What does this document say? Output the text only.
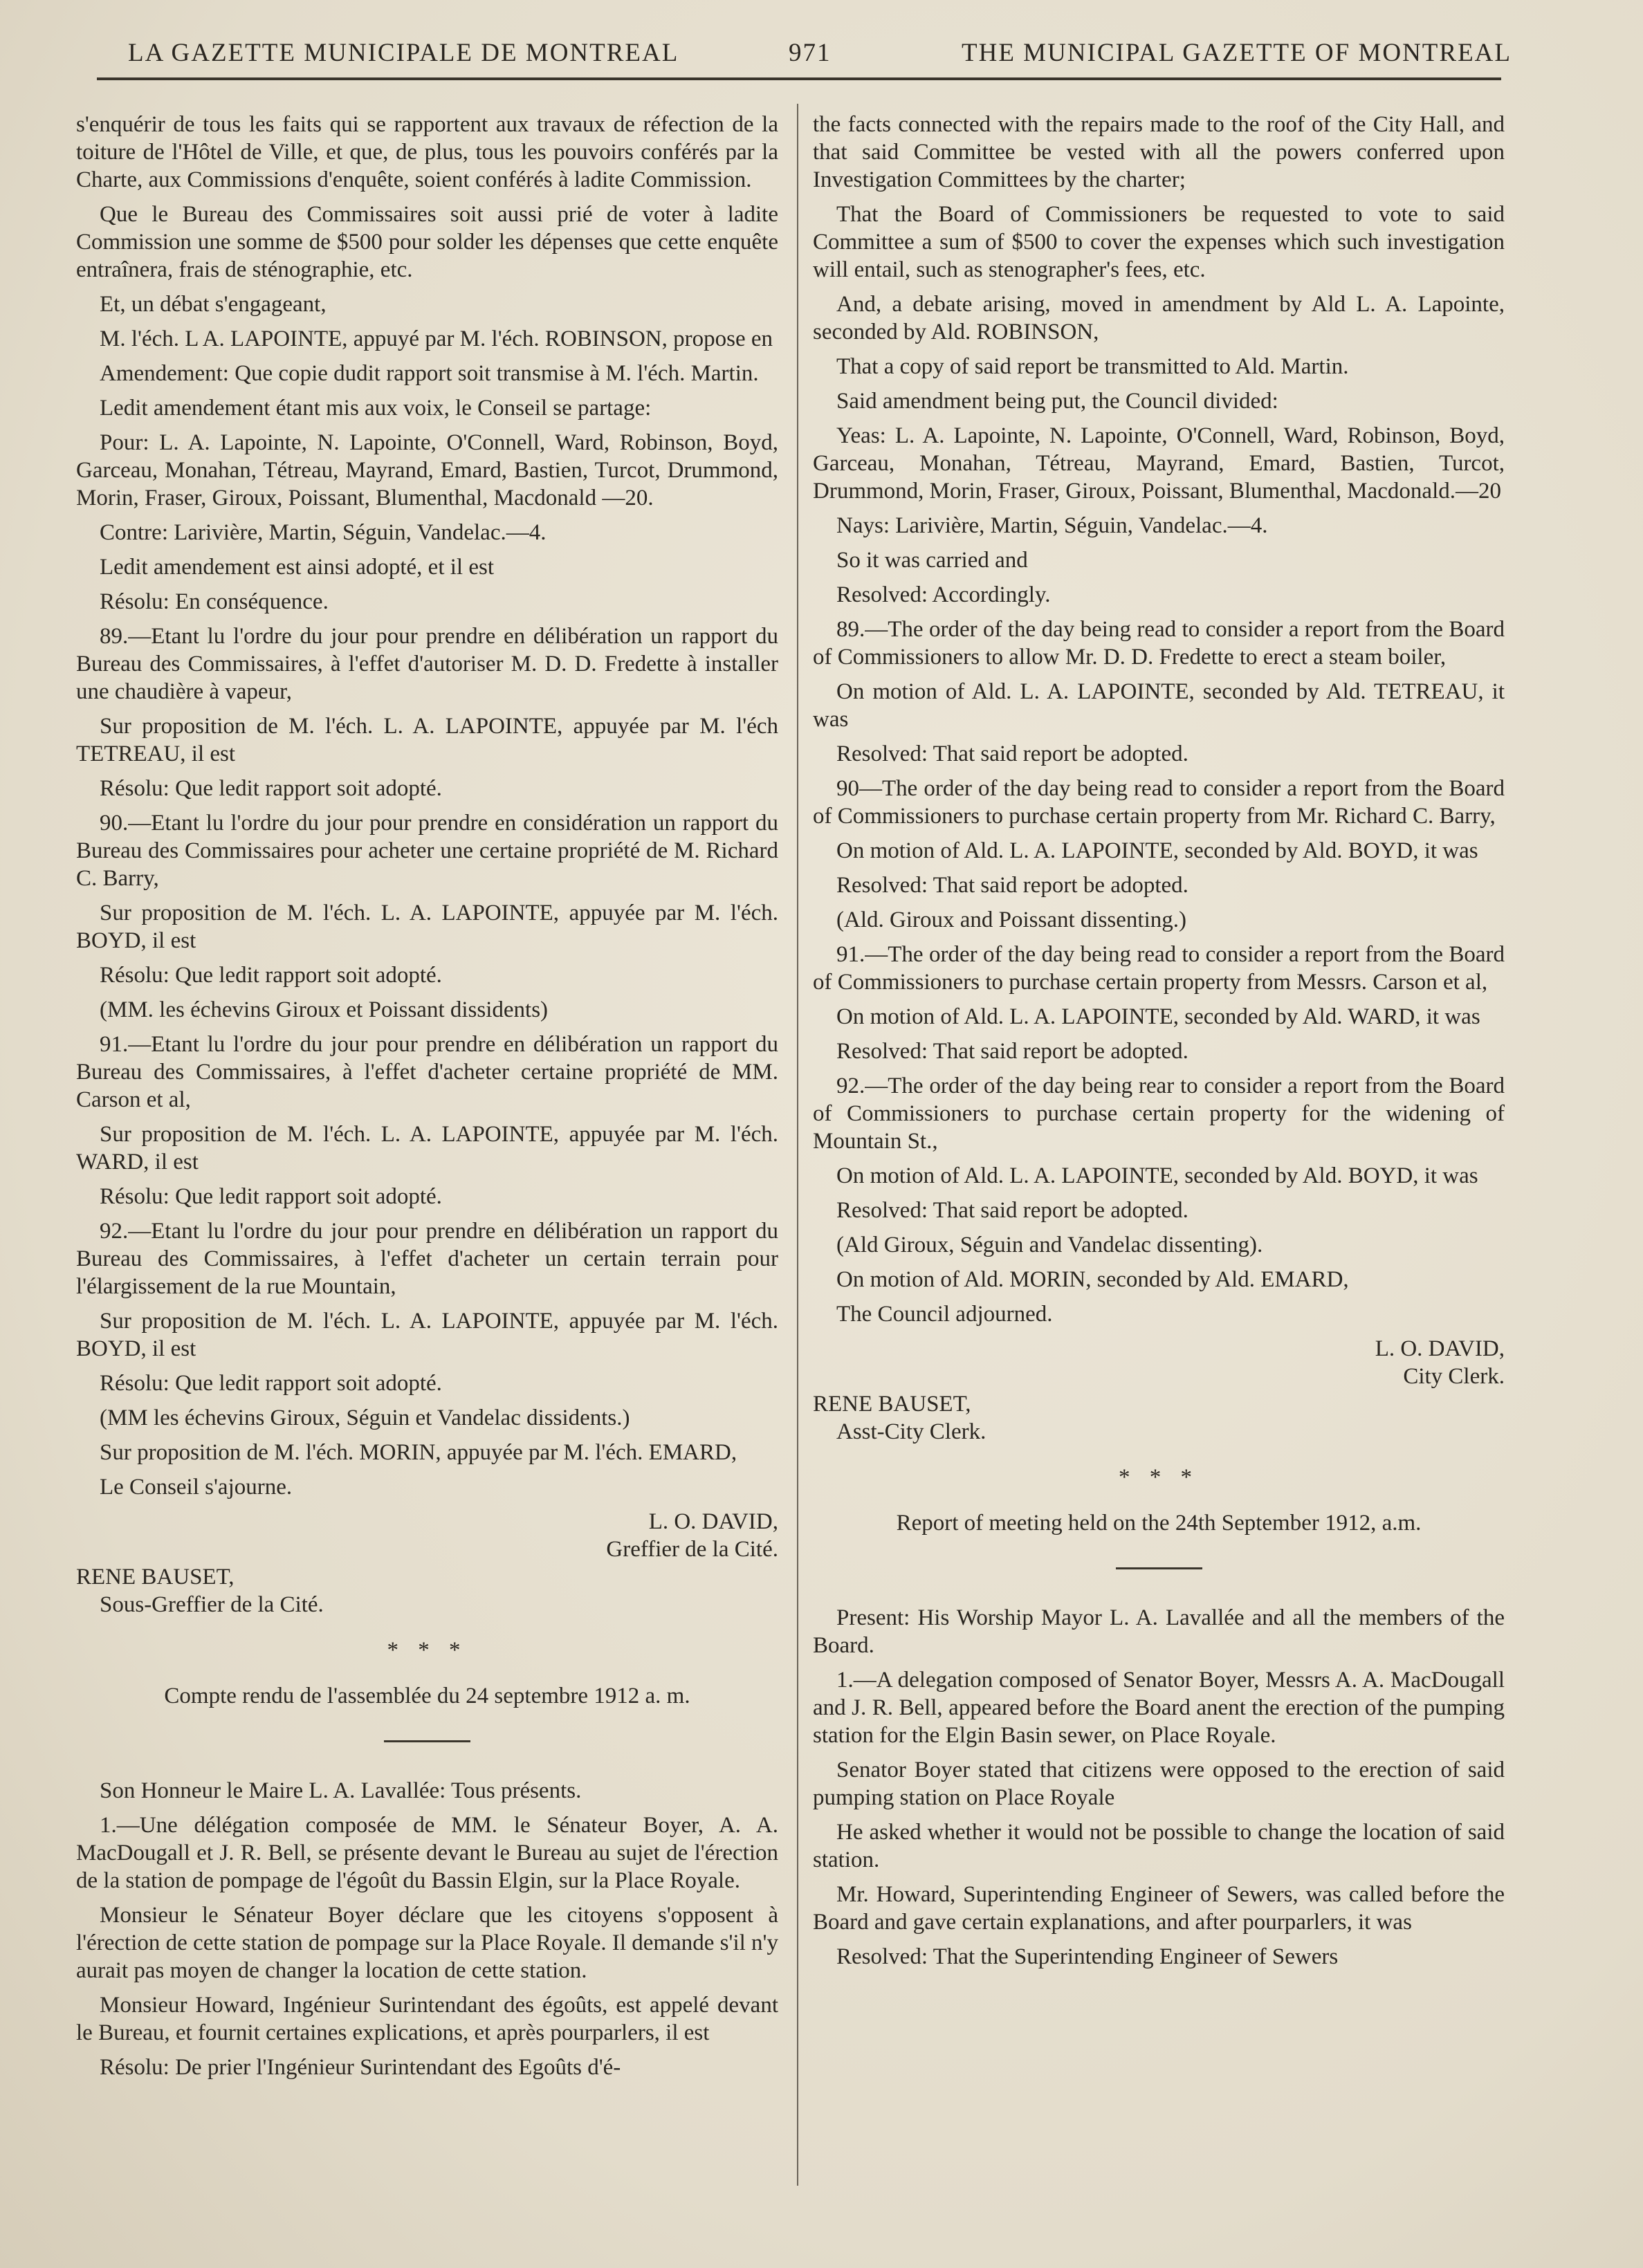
LA GAZETTE MUNICIPALE DE MONTREAL	971	THE MUNICIPAL GAZETTE OF MONTREAL

s'enquérir de tous les faits qui se rapportent aux travaux de réfection de la toiture de l'Hôtel de Ville, et que, de plus, tous les pouvoirs conférés par la Charte, aux Commissions d'enquête, soient conférés à ladite Commission.

Que le Bureau des Commissaires soit aussi prié de voter à ladite Commission une somme de $500 pour solder les dépenses que cette enquête entraînera, frais de sténographie, etc.

Et, un débat s'engageant,

M. l'éch. L A. LAPOINTE, appuyé par M. l'éch. ROBINSON, propose en

Amendement: Que copie dudit rapport soit transmise à M. l'éch. Martin.

Ledit amendement étant mis aux voix, le Conseil se partage:

Pour: L. A. Lapointe, N. Lapointe, O'Connell, Ward, Robinson, Boyd, Garceau, Monahan, Tétreau, Mayrand, Emard, Bastien, Turcot, Drummond, Morin, Fraser, Giroux, Poissant, Blumenthal, Macdonald —20.

Contre: Larivière, Martin, Séguin, Vandelac.—4.

Ledit amendement est ainsi adopté, et il est

Résolu: En conséquence.

89.—Etant lu l'ordre du jour pour prendre en délibération un rapport du Bureau des Commissaires, à l'effet d'autoriser M. D. D. Fredette à installer une chaudière à vapeur,

Sur proposition de M. l'éch. L. A. LAPOINTE, appuyée par M. l'éch TETREAU, il est

Résolu: Que ledit rapport soit adopté.

90.—Etant lu l'ordre du jour pour prendre en considération un rapport du Bureau des Commissaires pour acheter une certaine propriété de M. Richard C. Barry,

Sur proposition de M. l'éch. L. A. LAPOINTE, appuyée par M. l'éch. BOYD, il est

Résolu: Que ledit rapport soit adopté.

(MM. les échevins Giroux et Poissant dissidents)

91.—Etant lu l'ordre du jour pour prendre en délibération un rapport du Bureau des Commissaires, à l'effet d'acheter certaine propriété de MM. Carson et al,

Sur proposition de M. l'éch. L. A. LAPOINTE, appuyée par M. l'éch. WARD, il est

Résolu: Que ledit rapport soit adopté.

92.—Etant lu l'ordre du jour pour prendre en délibération un rapport du Bureau des Commissaires, à l'effet d'acheter un certain terrain pour l'élargissement de la rue Mountain,

Sur proposition de M. l'éch. L. A. LAPOINTE, appuyée par M. l'éch. BOYD, il est

Résolu: Que ledit rapport soit adopté.

(MM les échevins Giroux, Séguin et Vandelac dissidents.)

Sur proposition de M. l'éch. MORIN, appuyée par M. l'éch. EMARD,

Le Conseil s'ajourne.

L. O. DAVID,

Greffier de la Cité.

RENE BAUSET,

Sous-Greffier de la Cité.

* * *

Compte rendu de l'assemblée du 24 septembre 1912 a. m.

Son Honneur le Maire L. A. Lavallée: Tous présents.

1.—Une délégation composée de MM. le Sénateur Boyer, A. A. MacDougall et J. R. Bell, se présente devant le Bureau au sujet de l'érection de la station de pompage de l'égoût du Bassin Elgin, sur la Place Royale.

Monsieur le Sénateur Boyer déclare que les citoyens s'opposent à l'érection de cette station de pompage sur la Place Royale. Il demande s'il n'y aurait pas moyen de changer la location de cette station.

Monsieur Howard, Ingénieur Surintendant des égoûts, est appelé devant le Bureau, et fournit certaines explications, et après pourparlers, il est

Résolu: De prier l'Ingénieur Surintendant des Egoûts d'é-

the facts connected with the repairs made to the roof of the City Hall, and that said Committee be vested with all the powers conferred upon Investigation Committees by the charter;

That the Board of Commissioners be requested to vote to said Committee a sum of $500 to cover the expenses which such investigation will entail, such as stenographer's fees, etc.

And, a debate arising, moved in amendment by Ald L. A. Lapointe, seconded by Ald. ROBINSON,

That a copy of said report be transmitted to Ald. Martin.

Said amendment being put, the Council divided:

Yeas: L. A. Lapointe, N. Lapointe, O'Connell, Ward, Robinson, Boyd, Garceau, Monahan, Tétreau, Mayrand, Emard, Bastien, Turcot, Drummond, Morin, Fraser, Giroux, Poissant, Blumenthal, Macdonald.—20

Nays: Larivière, Martin, Séguin, Vandelac.—4.

So it was carried and

Resolved: Accordingly.

89.—The order of the day being read to consider a report from the Board of Commissioners to allow Mr. D. D. Fredette to erect a steam boiler,

On motion of Ald. L. A. LAPOINTE, seconded by Ald. TETREAU, it was

Resolved: That said report be adopted.

90—The order of the day being read to consider a report from the Board of Commissioners to purchase certain property from Mr. Richard C. Barry,

On motion of Ald. L. A. LAPOINTE, seconded by Ald. BOYD, it was

Resolved: That said report be adopted.

(Ald. Giroux and Poissant dissenting.)

91.—The order of the day being read to consider a report from the Board of Commissioners to purchase certain property from Messrs. Carson et al,

On motion of Ald. L. A. LAPOINTE, seconded by Ald. WARD, it was

Resolved: That said report be adopted.

92.—The order of the day being rear to consider a report from the Board of Commissioners to purchase certain property for the widening of Mountain St.,

On motion of Ald. L. A. LAPOINTE, seconded by Ald. BOYD, it was

Resolved: That said report be adopted.

(Ald Giroux, Séguin and Vandelac dissenting).

On motion of Ald. MORIN, seconded by Ald. EMARD,

The Council adjourned.

L. O. DAVID,

City Clerk.

RENE BAUSET,

Asst-City Clerk.

* * *

Report of meeting held on the 24th September 1912, a.m.

Present: His Worship Mayor L. A. Lavallée and all the members of the Board.

1.—A delegation composed of Senator Boyer, Messrs A. A. MacDougall and J. R. Bell, appeared before the Board anent the erection of the pumping station for the Elgin Basin sewer, on Place Royale.

Senator Boyer stated that citizens were opposed to the erection of said pumping station on Place Royale

He asked whether it would not be possible to change the location of said station.

Mr. Howard, Superintending Engineer of Sewers, was called before the Board and gave certain explanations, and after pourparlers, it was

Resolved: That the Superintending Engineer of Sewers
